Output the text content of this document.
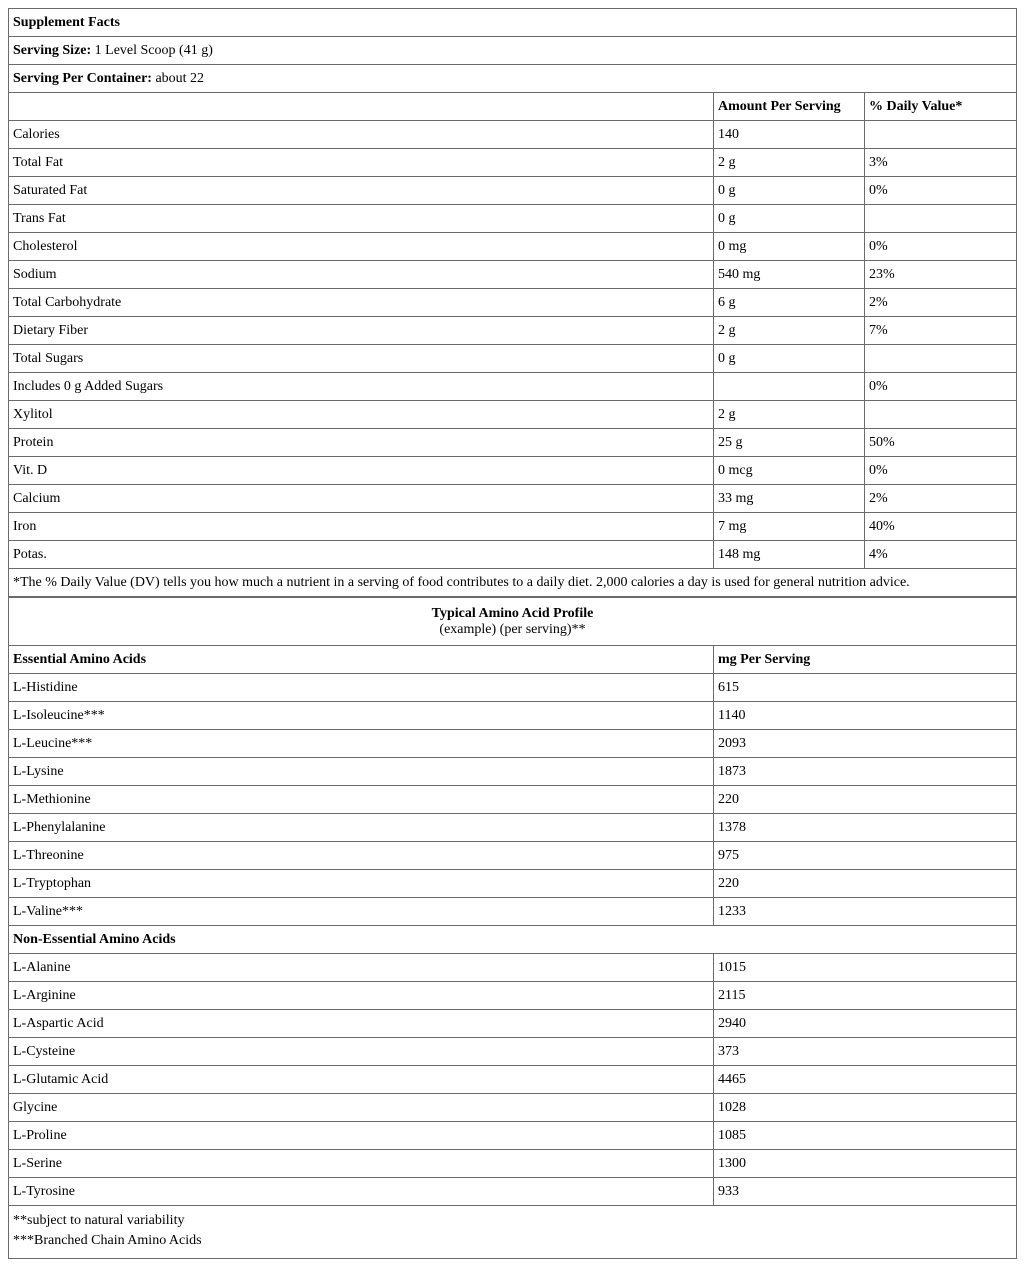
Supplement Facts		
Serving Size: 1 Level Scoop (41 g)		
Serving Per Container: about 22		
	Amount Per Serving	% Daily Value*
Calories	140	
Total Fat	2 g	3%
Saturated Fat	0 g	0%
Trans Fat	0 g	
Cholesterol	0 mg	0%
Sodium	540 mg	23%
Total Carbohydrate	6 g	2%
Dietary Fiber	2 g	7%
Total Sugars	0 g	
Includes 0 g Added Sugars		0%
Xylitol	2 g	
Protein	25 g	50%
Vit. D	0 mcg	0%
Calcium	33 mg	2%
Iron	7 mg	40%
Potas.	148 mg	4%
*The % Daily Value (DV) tells you how much a nutrient in a serving of food contributes to a daily diet. 2,000 calories a day is used for general nutrition advice.		
Typical Amino Acid Profile
(example) (per serving)**	

Essential Amino Acids	mg Per Serving
L-Histidine	615
L-Isoleucine***	1140
L-Leucine***	2093
L-Lysine	1873
L-Methionine	220
L-Phenylalanine	1378
L-Threonine	975
L-Tryptophan	220
L-Valine***	1233
Non-Essential Amino Acids	
L-Alanine	1015
L-Arginine	2115
L-Aspartic Acid	2940
L-Cysteine	373
L-Glutamic Acid	4465
Glycine	1028
L-Proline	1085
L-Serine	1300
L-Tyrosine	933

**subject to natural variability
***Branched Chain Amino Acids	
